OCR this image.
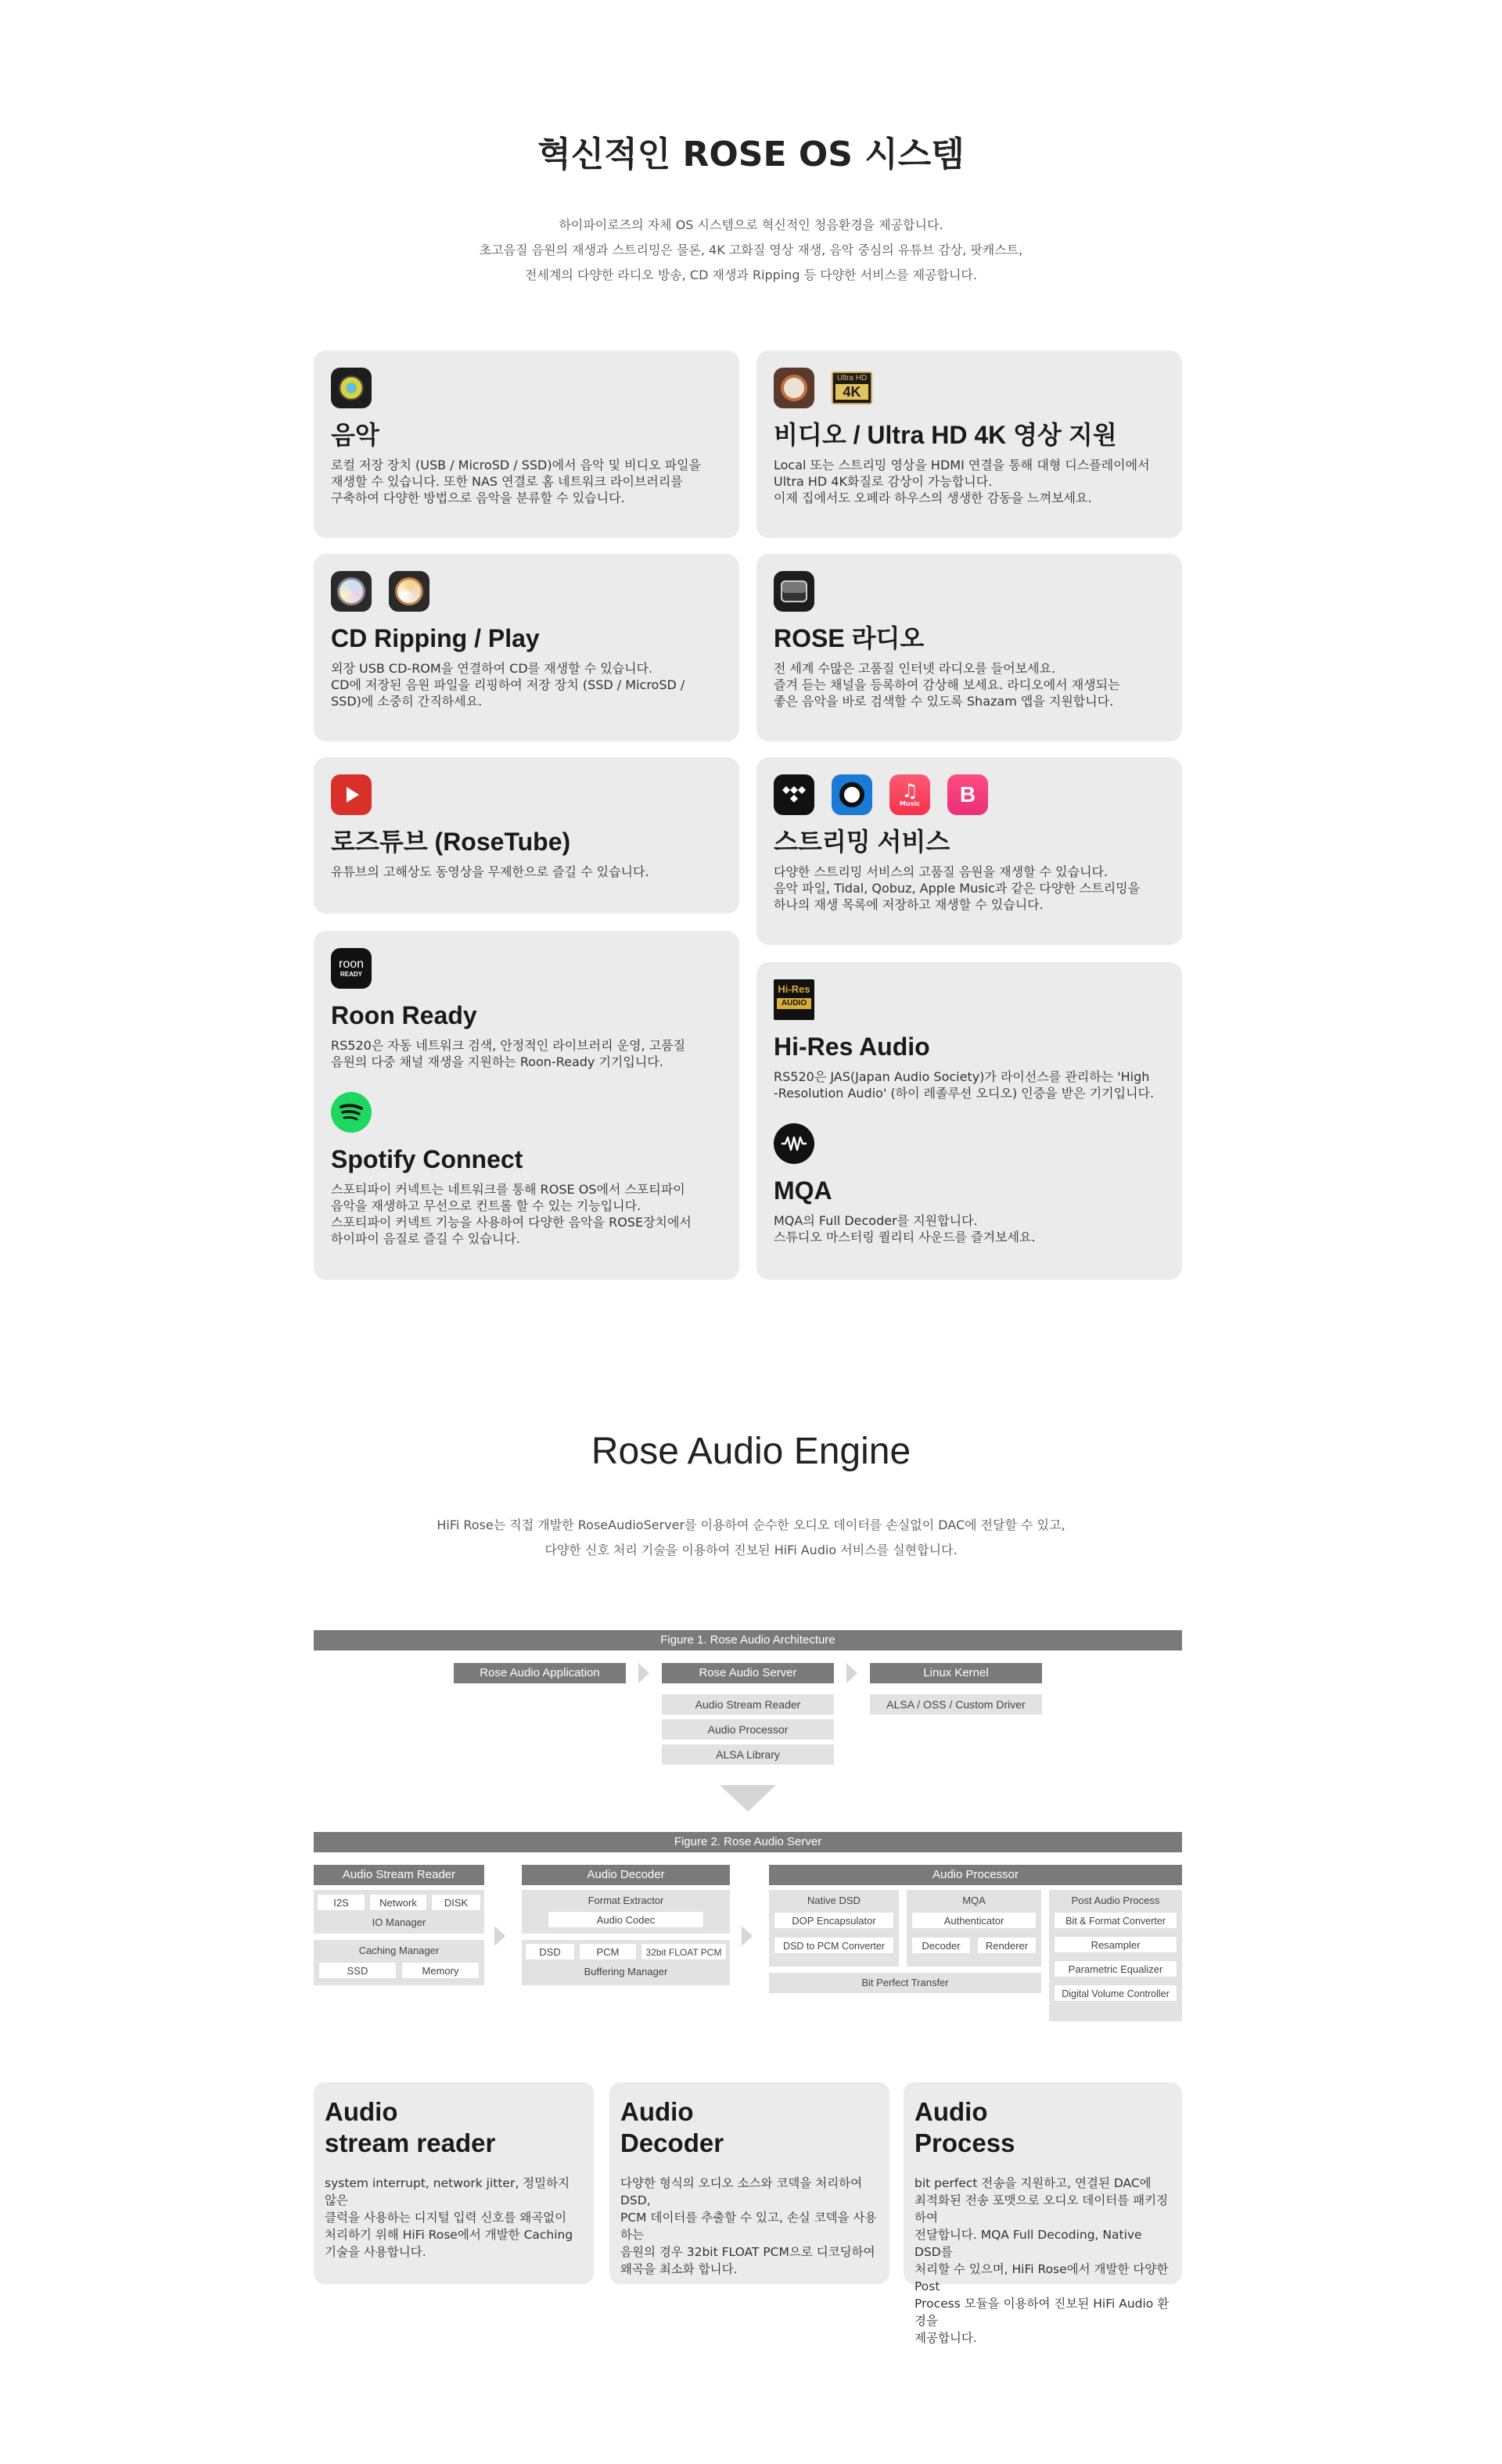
혁신적인 ROSE OS 시스템
하이파이로즈의 자체 OS 시스템으로 혁신적인 청음환경을 제공합니다.
초고음질 음원의 재생과 스트리밍은 물론, 4K 고화질 영상 재생, 음악 중심의 유튜브 감상, 팟캐스트,
전세계의 다양한 라디오 방송, CD 재생과 Ripping 등 다양한 서비스를 제공합니다.
음악

로컬 저장 장치 (USB / MicroSD / SSD)에서 음악 및 비디오 파일을
재생할 수 있습니다. 또한 NAS 연결로 홈 네트워크 라이브러리를
구축하여 다양한 방법으로 음악을 분류할 수 있습니다.

Ultra HD
4K
비디오 / Ultra HD 4K 영상 지원

Local 또는 스트리밍 영상을 HDMI 연결을 통해 대형 디스플레이에서
Ultra HD 4K화질로 감상이 가능합니다.
이제 집에서도 오페라 하우스의 생생한 감동을 느껴보세요.

CD Ripping / Play

외장 USB CD-ROM을 연결하여 CD를 재생할 수 있습니다.
CD에 저장된 음원 파일을 리핑하여 저장 장치 (SSD / MicroSD /
SSD)에 소중히 간직하세요.

ROSE 라디오

전 세계 수많은 고품질 인터넷 라디오를 들어보세요.
즐겨 듣는 채널을 등록하여 감상해 보세요. 라디오에서 재생되는
좋은 음악을 바로 검색할 수 있도록 Shazam 앱을 지원합니다.

로즈튜브 (RoseTube)

유튜브의 고해상도 동영상을 무제한으로 즐길 수 있습니다.

♫
Music B
스트리밍 서비스

다양한 스트리밍 서비스의 고품질 음원을 재생할 수 있습니다.
음악 파일, Tidal, Qobuz, Apple Music과 같은 다양한 스트리밍을
하나의 재생 목록에 저장하고 재생할 수 있습니다.

roon
READY
Roon Ready

RS520은 자동 네트워크 검색, 안정적인 라이브러리 운영, 고품질
음원의 다중 채널 재생을 지원하는 Roon-Ready 기기입니다.

Spotify Connect

스포티파이 커넥트는 네트워크를 통해 ROSE OS에서 스포티파이
음악을 재생하고 무선으로 컨트롤 할 수 있는 기능입니다.
스포티파이 커넥트 기능을 사용하여 다양한 음악을 ROSE장치에서
하이파이 음질로 즐길 수 있습니다.

Hi-Res
AUDIO
Hi-Res Audio

RS520은 JAS(Japan Audio Society)가 라이선스를 관리하는 'High
-Resolution Audio' (하이 레졸루션 오디오) 인증을 받은 기기입니다.

MQA

MQA의 Full Decoder를 지원합니다.
스튜디오 마스터링 퀄리티 사운드를 즐겨보세요.

Rose Audio Engine
HiFi Rose는 직접 개발한 RoseAudioServer를 이용하여 순수한 오디오 데이터를 손실없이 DAC에 전달할 수 있고,
다양한 신호 처리 기술을 이용하여 진보된 HiFi Audio 서비스를 실현합니다.
Figure 1. Rose Audio Architecture
Rose Audio Application	Rose Audio Server	Linux Kernel
Audio Stream Reader
Audio Processor
ALSA Library
ALSA / OSS / Custom Driver
Figure 2. Rose Audio Server
Audio Stream Reader
I2S	Network	DISK
IO Manager
Caching Manager
SSD	Memory
Audio Decoder
Format Extractor
Audio Codec
DSD	PCM	32bit FLOAT PCM
Buffering Manager
Audio Processor
Native DSD
DOP Encapsulator
DSD to PCM Converter
MQA
Authenticator
Decoder	Renderer
Bit Perfect Transfer
Post Audio Process
Bit & Format Converter
Resampler
Parametric Equalizer
Digital Volume Controller
Audio
stream reader

system interrupt, network jitter, 정밀하지 않은
클럭을 사용하는 디지털 입력 신호를 왜곡없이
처리하기 위해 HiFi Rose에서 개발한 Caching
기술을 사용합니다.

Audio
Decoder

다양한 형식의 오디오 소스와 코덱을 처리하여 DSD,
PCM 데이터를 추출할 수 있고, 손실 코덱을 사용하는
음원의 경우 32bit FLOAT PCM으로 디코딩하여
왜곡을 최소화 합니다.

Audio
Process

bit perfect 전송을 지원하고, 연결된 DAC에
최적화된 전송 포맷으로 오디오 데이터를 패키징하여
전달합니다. MQA Full Decoding, Native DSD를
처리할 수 있으며, HiFi Rose에서 개발한 다양한 Post
Process 모듈을 이용하여 진보된 HiFi Audio 환경을
제공합니다.
